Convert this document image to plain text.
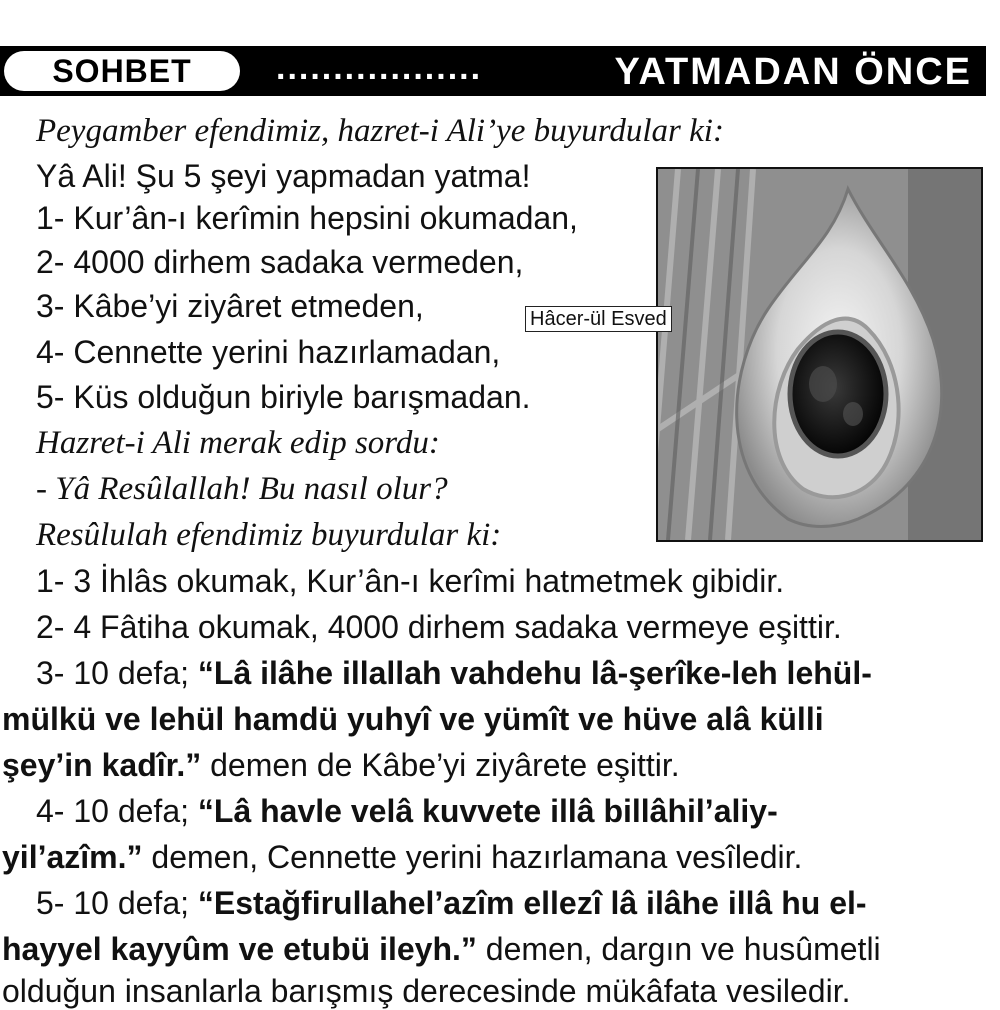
SOHBET	..................	YATMADAN ÖNCE
Peygamber efendimiz, hazret-i Ali’ye buyurdular ki:
Yâ Ali! Şu 5 şeyi yapmadan yatma!
1- Kur’ân-ı kerîmin hepsini okumadan,
2- 4000 dirhem sadaka vermeden,
3- Kâbe’yi ziyâret etmeden,
4- Cennette yerini hazırlamadan,
5- Küs olduğun biriyle barışmadan.
Hazret-i Ali merak edip sordu:
- Yâ Resûlallah! Bu nasıl olur?
Resûlulah efendimiz buyurdular ki:
1- 3 İhlâs okumak, Kur’ân-ı kerîmi hatmetmek gibidir.
2- 4 Fâtiha okumak, 4000 dirhem sadaka vermeye eşittir.
3- 10 defa; “Lâ ilâhe illallah vahdehu lâ-şerîke-leh lehül-
mülkü ve lehül hamdü yuhyî ve yümît ve hüve alâ külli
şey’in kadîr.” demen de Kâbe’yi ziyârete eşittir.
4- 10 defa; “Lâ havle velâ kuvvete illâ billâhil’aliy-
yil’azîm.” demen, Cennette yerini hazırlamana vesîledir.
5- 10 defa; “Estağfirullahel’azîm ellezî lâ ilâhe illâ hu el-
hayyel kayyûm ve etubü ileyh.” demen, dargın ve husûmetli
olduğun insanlarla barışmış derecesinde mükâfata vesiledir.
Hâcer-ül Esved
